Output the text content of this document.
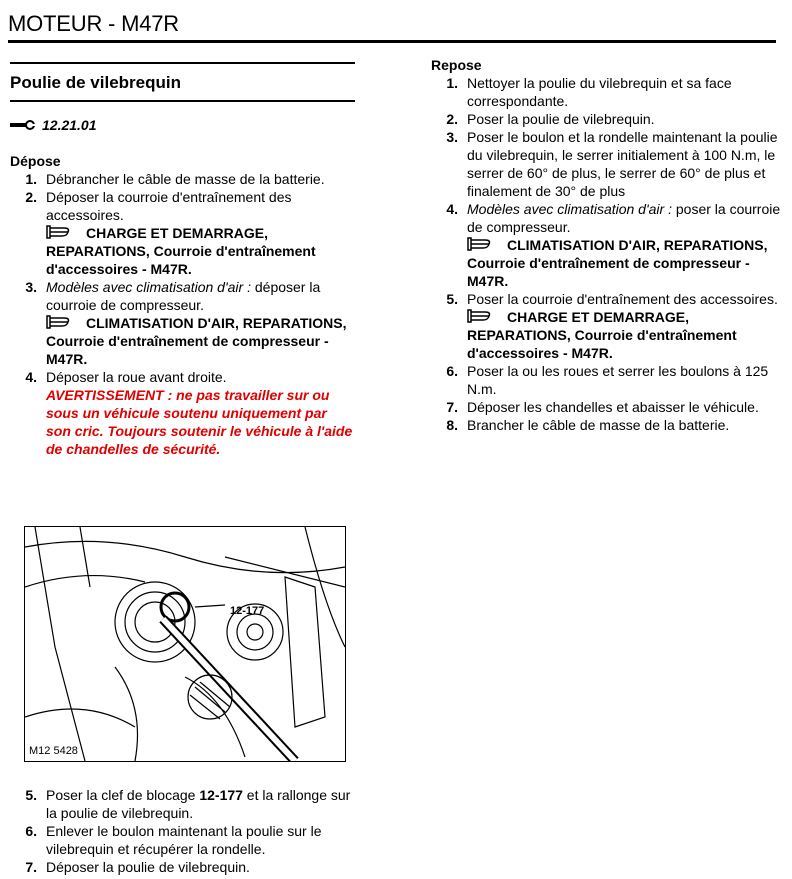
MOTEUR - M47R
Poulie de vilebrequin
12.21.01
Dépose
1. Débrancher le câble de masse de la batterie.
2. Déposer la courroie d'entraînement des accessoires.
CHARGE ET DEMARRAGE, REPARATIONS, Courroie d'entraînement d'accessoires - M47R.
3. Modèles avec climatisation d'air : déposer la courroie de compresseur.
CLIMATISATION D'AIR, REPARATIONS, Courroie d'entraînement de compresseur - M47R.
4. Déposer la roue avant droite.
AVERTISSEMENT : ne pas travailler sur ou sous un véhicule soutenu uniquement par son cric. Toujours soutenir le véhicule à l'aide de chandelles de sécurité.
12-177
M12 5428
5. Poser la clef de blocage 12-177 et la rallonge sur la poulie de vilebrequin.
6. Enlever le boulon maintenant la poulie sur le vilebrequin et récupérer la rondelle.
7. Déposer la poulie de vilebrequin.
Repose
1. Nettoyer la poulie du vilebrequin et sa face correspondante.
2. Poser la poulie de vilebrequin.
3. Poser le boulon et la rondelle maintenant la poulie du vilebrequin, le serrer initialement à 100 N.m, le serrer de 60° de plus, le serrer de 60° de plus et finalement de 30° de plus
4. Modèles avec climatisation d'air : poser la courroie de compresseur.
CLIMATISATION D'AIR, REPARATIONS, Courroie d'entraînement de compresseur - M47R.
5. Poser la courroie d'entraînement des accessoires.
CHARGE ET DEMARRAGE, REPARATIONS, Courroie d'entraînement d'accessoires - M47R.
6. Poser la ou les roues et serrer les boulons à 125 N.m.
7. Déposer les chandelles et abaisser le véhicule.
8. Brancher le câble de masse de la batterie.
